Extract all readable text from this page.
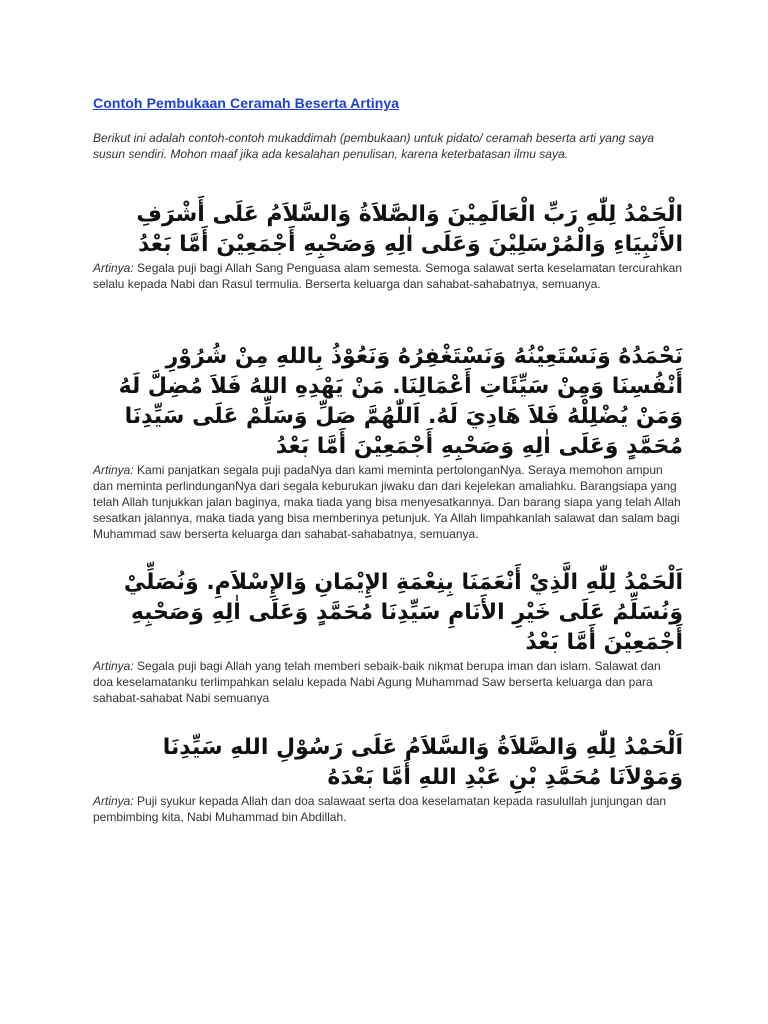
Contoh Pembukaan Ceramah Beserta Artinya
Berikut ini adalah contoh-contoh mukaddimah (pembukaan) untuk pidato/ ceramah beserta arti yang saya susun sendiri. Mohon maaf jika ada kesalahan penulisan, karena keterbatasan ilmu saya.
الْحَمْدُ لِلّٰهِ رَبِّ الْعَالَمِيْنَ وَالصَّلاَةُ وَالسَّلاَمُ عَلَى أَشْرَفِ الأَنْبِيَاءِ وَالْمُرْسَلِيْنَ وَعَلَى اٰلِهِ وَصَحْبِهِ أَجْمَعِيْنَ أَمَّا بَعْدُ
Artinya: Segala puji bagi Allah Sang Penguasa alam semesta. Semoga salawat serta keselamatan tercurahkan selalu kepada Nabi dan Rasul termulia. Berserta keluarga dan sahabat-sahabatnya, semuanya.
نَحْمَدُهُ وَنَسْتَعِيْنُهُ وَنَسْتَغْفِرُهُ وَنَعُوْذُ بِاللهِ مِنْ شُرُوْرِ أَنْفُسِنَا وَمِنْ سَيِّئَاتِ أَعْمَالِنَا. مَنْ يَهْدِهِ اللهُ فَلاَ مُضِلَّ لَهُ وَمَنْ يُضْلِلْهُ فَلاَ هَادِيَ لَهُ. اَللّٰهُمَّ صَلِّ وَسَلِّمْ عَلَى سَيِّدِنَا مُحَمَّدٍ وَعَلَى اٰلِهِ وَصَحْبِهِ أَجْمَعِيْنَ أَمَّا بَعْدُ
Artinya: Kami panjatkan segala puji padaNya dan kami meminta pertolonganNya. Seraya memohon ampun dan meminta perlindunganNya dari segala keburukan jiwaku dan dari kejelekan amaliahku. Barangsiapa yang telah Allah tunjukkan jalan baginya, maka tiada yang bisa menyesatkannya. Dan barang siapa yang telah Allah sesatkan jalannya, maka tiada yang bisa memberinya petunjuk. Ya Allah limpahkanlah salawat dan salam bagi Muhammad saw berserta keluarga dan sahabat-sahabatnya, semuanya.
اَلْحَمْدُ لِلّٰهِ الَّذِيْ أَنْعَمَنَا بِنِعْمَةِ الإِيْمَانِ وَالإِسْلاَمِ. وَنُصَلِّيْ وَنُسَلِّمُ عَلَى خَيْرِ الأَنَامِ سَيِّدِنَا مُحَمَّدٍ وَعَلَى اٰلِهِ وَصَحْبِهِ أَجْمَعِيْنَ أَمَّا بَعْدُ
Artinya: Segala puji bagi Allah yang telah memberi sebaik-baik nikmat berupa iman dan islam. Salawat dan doa keselamatanku terlimpahkan selalu kepada Nabi Agung Muhammad Saw berserta keluarga dan para sahabat-sahabat Nabi semuanya
اَلْحَمْدُ لِلّٰهِ وَالصَّلاَةُ وَالسَّلاَمُ عَلَى رَسُوْلِ اللهِ سَيِّدِنَا وَمَوْلاَنَا مُحَمَّدِ بْنِ عَبْدِ اللهِ أَمَّا بَعْدَهُ
Artinya: Puji syukur kepada Allah dan doa salawaat serta doa keselamatan kepada rasulullah junjungan dan pembimbing kita, Nabi Muhammad bin Abdillah.
